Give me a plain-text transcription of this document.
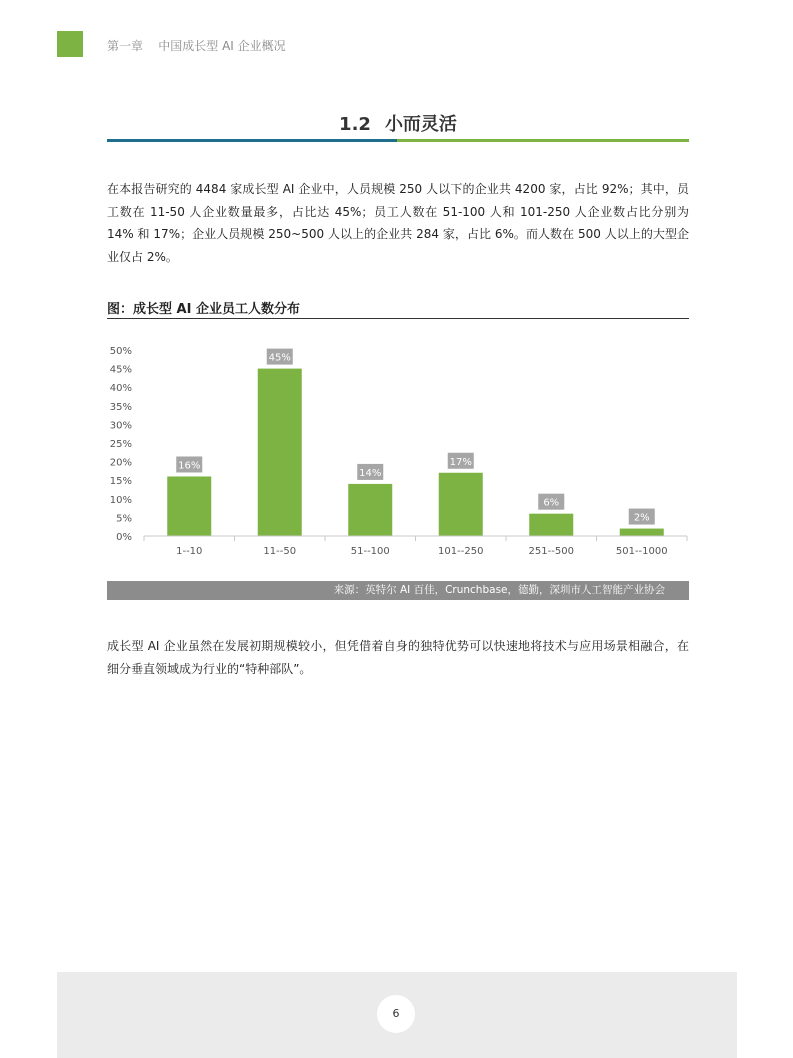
第一章 中国成长型 AI 企业概况
1.2 小而灵活

在本报告研究的 4484 家成长型 AI 企业中，人员规模 250 人以下的企业共 4200 家，占比 92%；其中，员工数在 11-50 人企业数量最多，占比达 45%；员工人数在 51-100 人和 101-250 人企业数占比分别为 14% 和 17%；企业人员规模 250~500 人以上的企业共 284 家，占比 6%。而人数在 500 人以上的大型企业仅占 2%。

图：成长型 AI 企业员工人数分布
0%
5%
10%
15%
20%
25%
30%
35%
40%
45%
50%
16%
45%
14%
17%
6%
2%
1--10	11--50	51--100	101--250	251--500	501--1000
来源：英特尔 AI 百佳，Crunchbase，德勤，深圳市人工智能产业协会

成长型 AI 企业虽然在发展初期规模较小，但凭借着自身的独特优势可以快速地将技术与应用场景相融合，在细分垂直领域成为行业的“特种部队”。

6
